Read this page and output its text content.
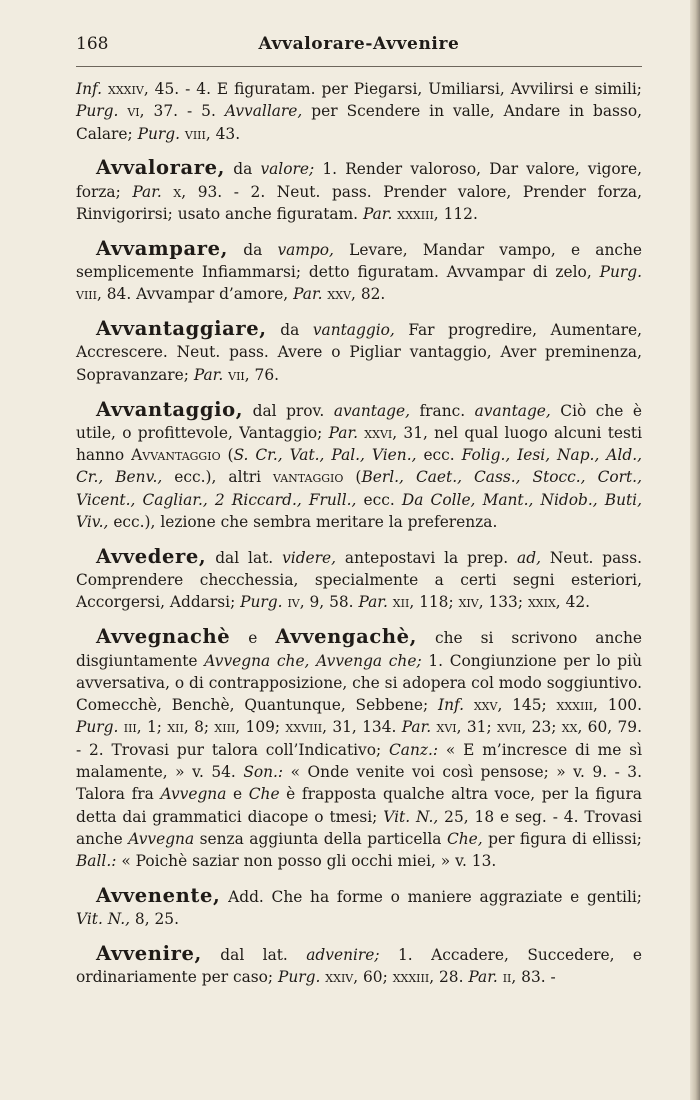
168	Avvalorare-Avvenire

Inf. xxxiv, 45. - 4. E figuratam. per Piegarsi, Umiliarsi, Avvilirsi e simili; Purg. vi, 37. - 5. Avvallare, per Scendere in valle, Andare in basso, Calare; Purg. viii, 43.

Avvalorare, da valore; 1. Render valoroso, Dar valore, vigore, forza; Par. x, 93. - 2. Neut. pass. Prender valore, Prender forza, Rinvigorirsi; usato anche figuratam. Par. xxxiii, 112.

Avvampare, da vampo, Levare, Mandar vampo, e anche semplicemente Infiammarsi; detto figuratam. Avvampar di zelo, Purg. viii, 84. Avvampar d’amore, Par. xxv, 82.

Avvantaggiare, da vantaggio, Far progredire, Aumentare, Accrescere. Neut. pass. Avere o Pigliar vantaggio, Aver preminenza, Sopravanzare; Par. vii, 76.

Avvantaggio, dal prov. avantage, franc. avantage, Ciò che è utile, o profittevole, Vantaggio; Par. xxvi, 31, nel qual luogo alcuni testi hanno Avvantaggio (S. Cr., Vat., Pal., Vien., ecc. Folig., Iesi, Nap., Ald., Cr., Benv., ecc.), altri vantaggio (Berl., Caet., Cass., Stocc., Cort., Vicent., Cagliar., 2 Riccard., Frull., ecc. Da Colle, Mant., Nidob., Buti, Viv., ecc.), lezione che sembra meritare la preferenza.

Avvedere, dal lat. videre, antepostavi la prep. ad, Neut. pass. Comprendere checchessia, specialmente a certi segni esteriori, Accorgersi, Addarsi; Purg. iv, 9, 58. Par. xii, 118; xiv, 133; xxix, 42.

Avvegnachè e Avvengachè, che si scrivono anche disgiuntamente Avvegna che, Avvenga che; 1. Congiunzione per lo più avversativa, o di contrapposizione, che si adopera col modo soggiuntivo. Comecchè, Benchè, Quantunque, Sebbene; Inf. xxv, 145; xxxiii, 100. Purg. iii, 1; xii, 8; xiii, 109; xxviii, 31, 134. Par. xvi, 31; xvii, 23; xx, 60, 79. - 2. Trovasi pur talora coll’Indicativo; Canz.: « E m’incresce di me sì malamente, » v. 54. Son.: « Onde venite voi così pensose; » v. 9. - 3. Talora fra Avvegna e Che è frapposta qualche altra voce, per la figura detta dai grammatici diacope o tmesi; Vit. N., 25, 18 e seg. - 4. Trovasi anche Avvegna senza aggiunta della particella Che, per figura di ellissi; Ball.: « Poichè saziar non posso gli occhi miei, » v. 13.

Avvenente, Add. Che ha forme o maniere aggraziate e gentili; Vit. N., 8, 25.

Avvenire, dal lat. advenire; 1. Accadere, Succedere, e ordinariamente per caso; Purg. xxiv, 60; xxxiii, 28. Par. ii, 83. -
